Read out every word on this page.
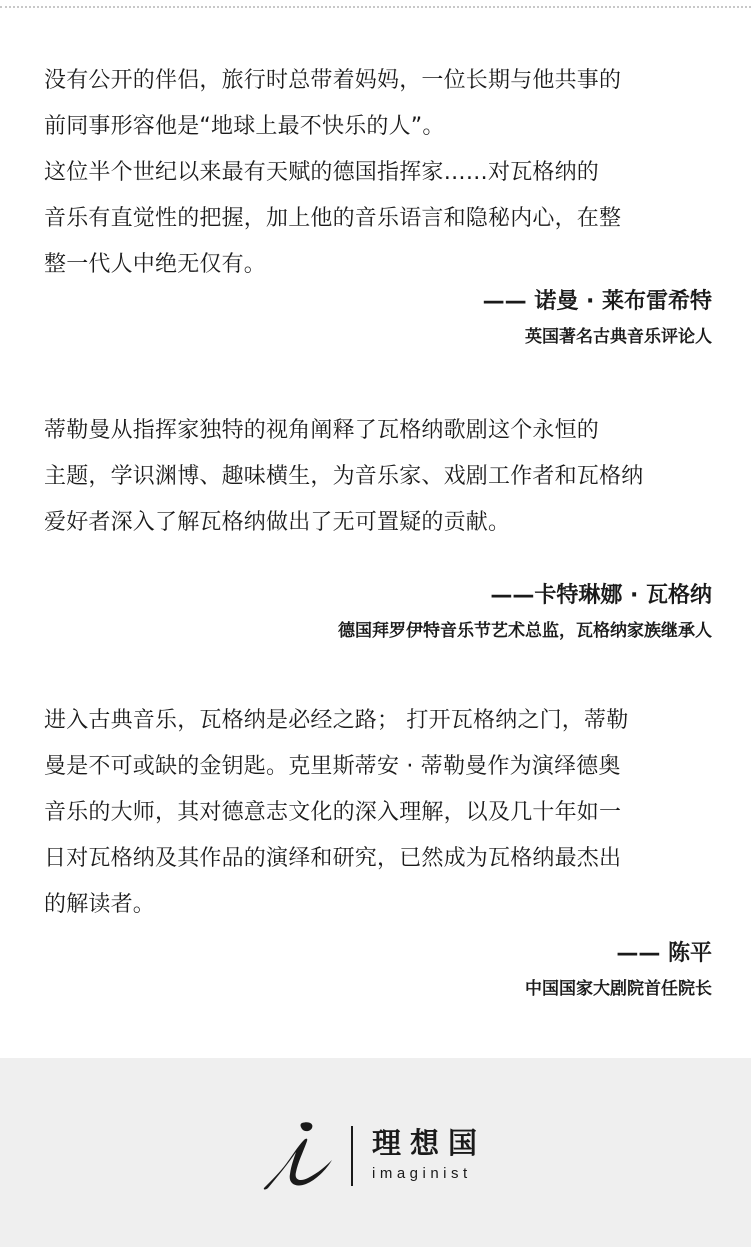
没有公开的伴侣，旅行时总带着妈妈，一位长期与他共事的

前同事形容他是“地球上最不快乐的人”。

这位半个世纪以来最有天赋的德国指挥家……对瓦格纳的

音乐有直觉性的把握，加上他的音乐语言和隐秘内心，在整

整一代人中绝无仅有。

—— 诺曼 · 莱布雷希特
英国著名古典音乐评论人

蒂勒曼从指挥家独特的视角阐释了瓦格纳歌剧这个永恒的

主题，学识渊博、趣味横生，为音乐家、戏剧工作者和瓦格纳

爱好者深入了解瓦格纳做出了无可置疑的贡献。

——卡特琳娜 · 瓦格纳
德国拜罗伊特音乐节艺术总监，瓦格纳家族继承人

进入古典音乐，瓦格纳是必经之路； 打开瓦格纳之门，蒂勒

曼是不可或缺的金钥匙。克里斯蒂安 · 蒂勒曼作为演绎德奥

音乐的大师，其对德意志文化的深入理解，以及几十年如一

日对瓦格纳及其作品的演绎和研究，已然成为瓦格纳最杰出

的解读者。

—— 陈平
中国国家大剧院首任院长
理想国
imaginist
